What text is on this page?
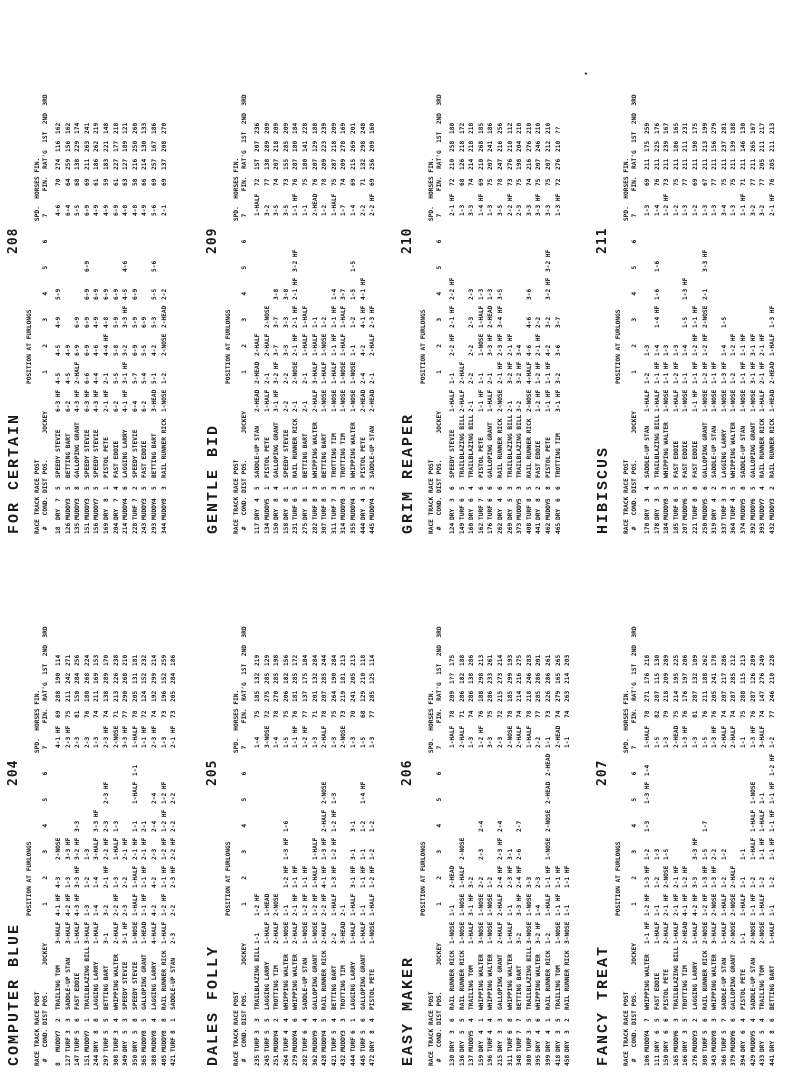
•
COMPUTER BLUE
204
POSITION AT FURLONGS RACE TRACK RACE POST                                                                SPD.  HORSES FIN. #   COND. DIST POS.       JOCKEY          1      2      3      4      5      6      7      FIN.  RAT'G  1ST  2ND  3RD 8
MUDDY
7
2
TRAILING TOM
3-HALF
4-1 HF
4-3
2-NOSE
4-1 HF
69
288
190
114
127
TURF
3
3
SADDLE-UP STAN
3-HALF
4-2 HF
1-3
3-3 HF
2-3 HF
75
211
242
271
147
TURF
5
6
FAST EDDIE
1-HALF
4-3 HF
3-3 HF
3-2 HF
3-3
2-3
81
150
284
256
151
MUDDY
7
1
TRAILBLAZING BILL
3-HALF
1-3
1-2
1-3
2-3
76
180
268
224
244
DRY
8
8
LAGGING LARRY
1-HALF
1-4
1-4
3-HALF
3-3 HF
1-3
74
211
169
153
297
TURF
5
5
BETTING BART
3-1
3-2
2-1 HF
2-2 HF
2-3
2-3 HF
2-3 HF
74
138
289
170
308
TURF
3
4
WHIPPING WALTER
2-HALF
2-2 HF
1-3
1-HALF
1-3
2-NOSE
71
213
226
238
349
DRY
5
3
SPEEDY STEVIE
3-1 HF
2-3
2-2
2-1 HF
3-3 HF
77
290
268
210
350
DRY
5
8
SPEEDY STEVIE
1-NOSE
1-HALF
1-HALF
2-1 HF
1-1
1-HALF
1-1
1-HALF
78
205
131
181
365
MUDDY
8
5
GALLOPING GRANT
1-HEAD
1-1 HF
1-1 HF
2-1 HF
2-1
1-1 HF
72
124
152
232
388
MUDDY
8
4
LAGGING LARRY
4-HALF
4-2
4-2
2-3
2-4
2-4
2-3 HF
74
192
299
214
405
MUDDY
8
8
RAIL RUNNER RICK
1-HALF
1-2 HF
1-1 HF
1-2 HF
1-2 HF
1-2 HF
1-3
73
196
152
259
421
TURF
8
1
SADDLE-UP STAN
2-3
2-2
2-3 HF
2-2 HF
2-2
2-2
2-1 HF
73
205
284
186
DALES FOLLY
205
POSITION AT FURLONGS RACE TRACK RACE POST                                                                SPD.  HORSES FIN. #   COND. DIST POS.       JOCKEY          1      2      3      4      5      6      7      FIN.  RAT'G  1ST  2ND  3RD 235
TURF
3
3
TRAILBLAZING BILL
1-1
1-2 HF
1-4
75
185
132
219
245
TURF
5
5
LAGGING LARRY
1-HALF
1-HEAD
3-NOSE
72
275
285
129
251
MUDDY
4
2
TROTTING TIM
2-HALF
2-NOSE
1-4
78
270
285
198
264
TURF
4
4
WHIPPING WALTER
1-NOSE
1-1
1-2 HF
1-3 HF
1-6
1-5
75
206
182
156
279
MUDDY
4
6
WHIPPING WALTER
2-HALF
2-1 HF
1-1 HF
1-1 HF
76
181
285
172
282
TURF
6
4
SADDLE-UP STAN
1-NOSE
1-2 HF
1-1 HF
1-2 HF
77
137
175
184
362
MUDDY
9
4
GALLOPING GRANT
1-NOSE
1-2 HF
1-HALF
1-HALF
1-3
71
201
132
284
428
MUDDY
4
5
RAIL RUNNER RICK
2-HALF
2-2 HF
4-1 HF
1-3 HF
2-HALF
2-NOSE
2-HALF
78
207
285
244
421
TURF
5
4
BETTING BART
2-2
1-HALF
1-3 HF
1-2 HF
1-2 HF
1-3
1-3
75
264
190
284
432
MUDDY
3
3
TROTTING TIM
3-HEAD
2-1
2-NOSE
73
219
181
213
444
TURF
6
1
LAGGING LARRY
1-HALF
1-HALF
3-1 HF
3-1
3-1
1-3
70
241
205
213
445
TURF
5
6
GALLOPING GRANT
1-HALF
1-1
1-1 HF
1-1
1-2
1-4 HF
1-5
68
129
210
118
472
DRY
8
4
PISTOL PETE
1-NOSE
1-HALF
1-2 HF
1-2
1-2
1-3
77
285
125
114
EASY MAKER
206
POSITION AT FURLONGS RACE TRACK RACE POST                                                                SPD.  HORSES FIN. #   COND. DIST POS.       JOCKEY          1      2      3      4      5      6      7      FIN.  RAT'G  1ST  2ND  3RD 130
DRY
3
6
RAIL RUNNER RICK
1-NOSE
1-1
2-HEAD
1-HALF
78
209
1??
175
136
DRY
5
5
RAIL RUNNER RICK
1-NOSE
1-NOSE
1-HALF
2-NOSE
2-HALF
71
286
182
188
137
MUDDY
5
4
TRAILING TOM
1-HALF
3-1 HF
3-2
1-3
74
286
138
286
159
DRY
4
1
WHIPPING WALTER
3-NOSE
1-NOSE
2-2
2-3
2-4
1-2 HF
76
188
298
213
196
TURF
4
4
WHIPPING WALTER
1-NOSE
1-NOSE
1-2
3-3
75
286
233
261
215
DRY
3
3
GALLOPING GRANT
2-HALF
2-HALF
2-4 HF
2-3 HF
2-4
2-3
72
215
273
214
311
TURF
6
8
WHIPPING WALTER
1-HALF
1-1
2-3 HF
3-1
2-NOSE
78
185
299
193
348
TURF
7
7
BETTING BART
3-2
3-3 HF
2-4 HF
2-6
2-7
2-HALF
74
214
216
275
380
TURF
3
5
TRAILBLAZING BILL
3-NOSE
1-NOSE
3-3
1-HALF
78
218
246
283
395
DRY
4
6
WHIPPING WALTER
3-2 HF
1-4
2-3
2-2
77
285
286
201
399
DRY
4
1
RAIL RUNNER RICK
1-2
1-HALF
1-1 HF
1-NOSE
2-NOSE
2-HEAD
2-HEAD
1-1
73
226
286
261
418
DRY
3
5
TRAILING TOM
1-NOSE
1-1 HF
1-1 HF
2-HEAD
74
279
165
265
458
DRY
3
2
RAIL RUNNER RICK
3-NOSE
1-1
1-1 HF
1-1
74
263
214
203
FANCY TREAT
207
POSITION AT FURLONGS RACE TRACK RACE POST                                                                SPD.  HORSES FIN. #   COND. DIST POS.       JOCKEY          1      2      3      4      5      6      7      FIN.  RAT'G  1ST  2ND  3RD 106
MUDDY
4
7
WHIPPING WALTER
1-1 HF
1-2 HF
1-3 HF
1-2
1-3
1-3 HF
1-4
1-HALF
78
271
176
218
111
DRY
6
5
FAST EDDIE
1-HALF
1-1
1-2
1-3
1-5
82
287
115
130
150
DRY
6
6
PISTOL PETE
2-HALF
2-1 HF
2-NOSE
1-5
1-3
79
218
209
289
165
MUDDY
6
3
TRAILBLAZING BILL
1-HALF
2-1 HF
2-1 HF
2-HEAD
75
214
195
225
166
DRY
3
5
TROTTING TIM
2-HEAD
4-1 HF
1-2 HF
1-3 HF
76
176
197
206
276
MUDDY
3
2
LAGGING LARRY
1-HALF
4-2 HF
3-3
3-3 HF
1-3
81
287
132
109
308
TURF
5
6
RAIL RUNNER RICK
2-NOSE
1-2 HF
1-3 HF
1-5
1-7
1-5
76
211
188
262
343
MUDDY
8
3
WHIPPING WALTER
3-HALF
2-NOSE
1-3 HF
2-2
1-3 HF
76
205
241
178
366
TURF
5
7
SADDLE-UP STAN
1-HALF
1-HALF
1-2
1-2
2-HALF
74
207
217
286
379
MUDDY
6
6
GALLOPING GRANT
2-NOSE
2-NOSE
2-HALF
2-HALF
74
287
285
212
394
DRY
6
4
PISTOL PETE
1-1
1-HALF
1-1
1-1
1-1
75
288
115
213
429
MUDDY
5
4
SADDLE-UP STAN
2-NOSE
1-1 HF
1-2
1-HALF
1-HALF
1-NOSE
1-3 HF
76
287
126
289
433
DRY
5
4
TRAILING TOM
2-NOSE
1-HALF
1-2
1-1 HF
1-HALF
1-1
3-HALF
74
147
276
249
441
DRY
8
6
BETTING BART
1-HALF
1-1
1-2
1-1 HF
1-1 HF
1-1 HF
1-2 HF
1-2
77
246
210
228
FOR CERTAIN
208
POSITION AT FURLONGS RACE TRACK RACE POST                                                                SPD.  HORSES FIN. #   COND. DIST POS.       JOCKEY          1      2      3      4      5      6      7      FIN.  RAT'G  1ST  2ND  3RD 18
DRY
7
5
SPEEDY STEVIE
6-3 HF
4-5
4-5
4-9
5-9
4-6
70
274
116
162
126
MUDDY
3
5
BETTING BART
6-2
4-5
4-9
6-4
64
259
156
162
135
MUDDY
3
8
GALLOPING GRANT
4-3 HF
2-HALF
6-9
6-9
5-5
68
138
229
174
151
MUDDY
3
5
SPEEDY STEVIE
6-3 HF
6-6
6-9
6-9
6-9
6-9
6-9
69
211
263
241
156
MUDDY
7
5
SPEEDY STEVIE
4-3 HF
4-4
4-6
4-9
6-9
4-9
61
186
262
219
169
DRY
8
1
PISTOL PETE
2-1 HF
2-1
4-4 HF
4-8
6-9
4-9
59
183
221
148
204
DRY
7
4
FAST EDDIE
6-2
5-5
5-8
5-9
6-9
6-9
61
227
177
218
214
MUDDY
4
6
LAGGING LARRY
4-1 HF
3-1 HF
3-2
3-3 HF
4-5
4-6
4-8
63
127
189
121
228
TURF
7
2
SPEEDY STEVIE
6-4
5-7
6-9
5-9
6-9
4-8
58
216
250
260
243
MUDDY
3
5
FAST EDDIE
6-2
5-4
5-5
6-9
4-9
66
214
130
133
293
MUDDY
4
5
BETTING BART
3-HEAD
5-1
4-2
5-3
5-5
5-6
5-6
69
257
167
186
344
MUDDY
8
3
RAIL RUNNER RICK
1-NOSE
1-2
2-NOSE
2-HEAD
2-2
2-1
69
137
208
270
GENTLE BID
209
POSITION AT FURLONGS RACE TRACK RACE POST                                                                SPD.  HORSES FIN. #   COND. DIST POS.       JOCKEY          1      2      3      4      5      6      7      FIN.  RAT'G  1ST  2ND  3RD 117
DRY
4
5
SADDLE-UP STAN
2-HEAD
2-HEAD
2-HALF
1-HALF
72
1ST
207
236
134
MUDDY
5
1
PISTOL PETE
1-HALF
2-1
2-HALF
2-NOSE
3-2
77
138
289
209
150
DRY
8
4
GALLOPING GRANT
3-1 HF
3-2 HF
3-7
3-7
3-8
3-5
74
207
218
209
158
DRY
8
1
SPEEDY STEVIE
2-2
2-2
3-3
3-3
3-8
3-5
73
155
285
209
231
TURF
6
5
RAIL RUNNER RICK
2-1
2-NOSE
2-1 HF
2-1 HF
2-1 HF
3-2 HF
1-1 HF
76
287
180
184
275
DRY
8
1
BETTING BART
2-1
2-1
1-HALF
1-HALF
1-1
75
180
141
228
282
TURF
8
3
WHIPPING WALTER
2-HALF
3-HALF
1-HALF
1-1
2-HEAD
76
207
129
188
307
TURF
8
5
BETTING BART
1-NOSE
1-HALF
1-NOSE
1-2
1-2
78
209
223
239
311
TURF
7
3
TROTTING TIM
1-NOSE
1-HALF
1-1 HF
1-1 HF
1-4
1-HALF
75
287
218
209
314
MUDDY
8
3
TROTTING TIM
1-NOSE
1-NOSE
1-HALF
1-HALF
3-7
1-7
74
209
278
169
355
MUDDY
4
5
WHIPPING WALTER
1-NOSE
1-NOSE
1-1
1-2
1-5
1-5
1-4
69
215
269
201
444
DRY
4
5
PISTOL PETE
2-HEAD
2-4
4-2
4-1 HF
4-1 HF
2-2
71
132
298
248
445
MUDDY
4
2
SADDLE-UP STAN
2-HEAD
2-1
2-HALF
2-3 HF
2-2 HF
69
256
209
160
GRIM REAPER
210
POSITION AT FURLONGS RACE TRACK RACE POST                                                                SPD.  HORSES FIN. #   COND. DIST POS.       JOCKEY          1      2      3      4      5      6      7      FIN.  RAT'G  1ST  2ND  3RD 124
DRY
3
6
SPEEDY STEVIE
1-HALF
1-1
2-2 HF
2-1 HF
2-2 HF
2-1 HF
72
210
258
180
149
TURF
6
5
TRAILBLAZING BILL
2-HALF
2-HALF
1-3
68
126
218
172
160
DRY
6
4
TRAILBLAZING BILL
2-1
2-2
2-2
2-3
2-3
3-3
74
214
218
218
162
TURF
7
6
PISTOL PETE
1-1 HF
1-1
1-NOSE
1-HALF
1-3
1-4 HF
69
210
268
185
176
TURF
6
6
GALLOPING GRANT
1-HALF
2-1
3-3 HF
2-HEAD
1-3
1-3
75
207
241
186
262
DRY
4
6
RAIL RUNNER RICK
2-NOSE
2-1 HF
2-3 HF
3-4 HF
3-5
3-5
78
247
216
256
269
DRY
5
3
TRAILBLAZING BILL
2-1
3-2 HF
2-1 HF
2-2 HF
73
276
210
112
373
MUDDY
5
3
TRAILBLAZING BILL
3-2
3-2 HF
3-4
2-3
75
198
204
210
408
TURF
8
5
RAIL RUNNER RICK
2-NOSE
4-HALF
4-6
4-6
3-6
3-3
74
216
276
210
441
DRY
8
2
FAST EDDIE
1-2 HF
1-2 HF
2-1 HF
2-2
3-3 HF
75
207
246
210
462
MUDDY
5
8
PISTOL PETE
1-1 HF
1-1 HF
4-2
3-2
3-2 HF
3-2 HF
3-3
75
207
212
210
465
DRY
6
6
TROTTING TIM
3-1 HF
3-2
3-6
3-7
1-3 HF
72
276
210
??
HIBISCUS
211
POSITION AT FURLONGS RACE TRACK RACE POST                                                                SPD.  HORSES FIN. #   COND. DIST POS.       JOCKEY          1      2      3      4      5      6      7      FIN.  RAT'G  1ST  2ND  3RD 170
DRY
3
4
SADDLE-UP STAN
1-HALF
1-2
1-3
1-3
69
211
175
259
178
DRY
3
5
TRAILBLAZING BILL
1-HALF
1-1 HF
1-4
1-4 HF
1-6
1-6
1-4
76
211
225
176
184
MUDDY
8
3
WHIPPING WALTER
1-NOSE
1-1 HF
1-3
1-2 HF
73
211
239
167
185
TURF
6
5
FAST EDDIE
1-HALF
1-2 HF
1-3
1-2
75
211
186
165
207
MUDDY
6
5
FAST EDDIE
1-NOSE
1-1
1-4
1-5
1-3 HF
1-3
77
211
211
231
221
TURF
8
8
FAST EDDIE
1-1 HF
1-1 HF
1-2 HF
1-1 HF
1-2
69
211
198
175
250
MUDDY
5
6
GALLOPING GRANT
1-NOSE
1-2 HF
1-2 HF
2-NOSE
2-1
3-3 HF
1-3
67
211
213
199
319
DRY
4
2
SADDLE-UP STAN
1-NOSE
1-1 HF
1-3
77
211
156
279
337
TURF
3
3
LAGGING LARRY
1-NOSE
1-3 HF
1-4
1-5
3-4
75
211
237
281
364
TURF
4
5
WHIPPING WALTER
1-NOSE
1-2
1-2 HF
1-3
75
211
139
188
374
MUDDY
5
8
SADDLE-UP STAN
1-NOSE
1-1 HF
1-1 HF
1-1 HF
71
211
146
130
392
MUDDY
6
5
GALLOPING GRANT
1-NOSE
3-1 HF
3-1 HF
3-2
77
211
265
167
393
MUDDY
7
4
RAIL RUNNER RICK
1-HALF
2-1 HF
2-1 HF
3-2
77
205
211
217
432
MUDDY
3
2
RAIL RUNNER RICK
1-HEAD
2-HEAD
1-HALF
1-3 HF
2-1 HF
76
205
211
213
